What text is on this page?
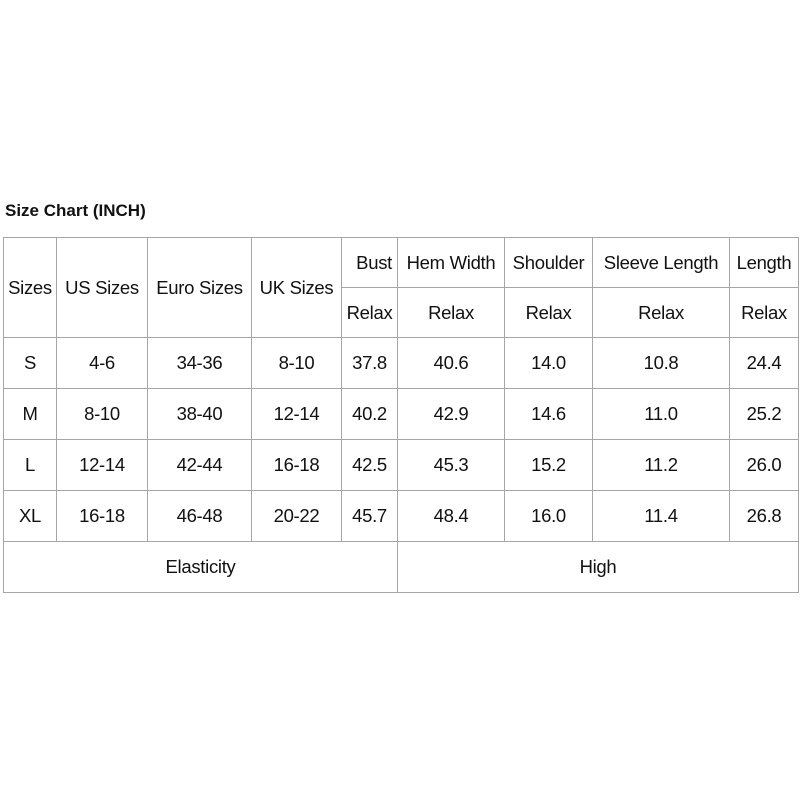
Size Chart (INCH)
Sizes	US Sizes	Euro Sizes	UK Sizes	Bust	Hem Width	Shoulder	Sleeve Length	Length
				Relax	Relax	Relax	Relax	Relax
S	4-6	34-36	8-10	37.8	40.6	14.0	10.8	24.4
M	8-10	38-40	12-14	40.2	42.9	14.6	11.0	25.2
L	12-14	42-44	16-18	42.5	45.3	15.2	11.2	26.0
XL	16-18	46-48	20-22	45.7	48.4	16.0	11.4	26.8
Elasticity					High			
